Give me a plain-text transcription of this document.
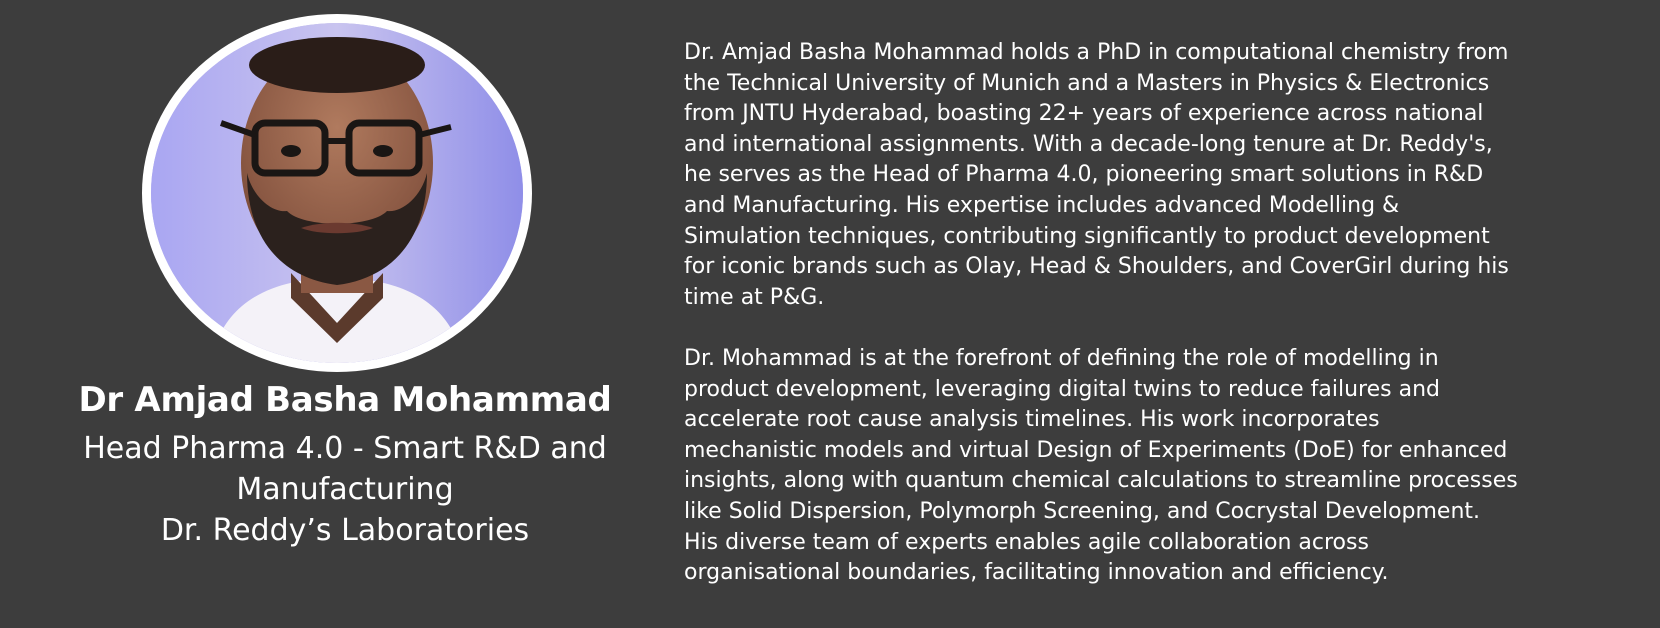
Dr Amjad Basha Mohammad
Head Pharma 4.0 - Smart R&D and
Manufacturing
Dr. Reddy’s Laboratories

Dr. Amjad Basha Mohammad holds a PhD in computational chemistry from
the Technical University of Munich and a Masters in Physics & Electronics
from JNTU Hyderabad, boasting 22+ years of experience across national
and international assignments. With a decade-long tenure at Dr. Reddy's,
he serves as the Head of Pharma 4.0, pioneering smart solutions in R&D
and Manufacturing. His expertise includes advanced Modelling &
Simulation techniques, contributing significantly to product development
for iconic brands such as Olay, Head & Shoulders, and CoverGirl during his
time at P&G.

Dr. Mohammad is at the forefront of defining the role of modelling in
product development, leveraging digital twins to reduce failures and
accelerate root cause analysis timelines. His work incorporates
mechanistic models and virtual Design of Experiments (DoE) for enhanced
insights, along with quantum chemical calculations to streamline processes
like Solid Dispersion, Polymorph Screening, and Cocrystal Development.
His diverse team of experts enables agile collaboration across
organisational boundaries, facilitating innovation and efficiency.
